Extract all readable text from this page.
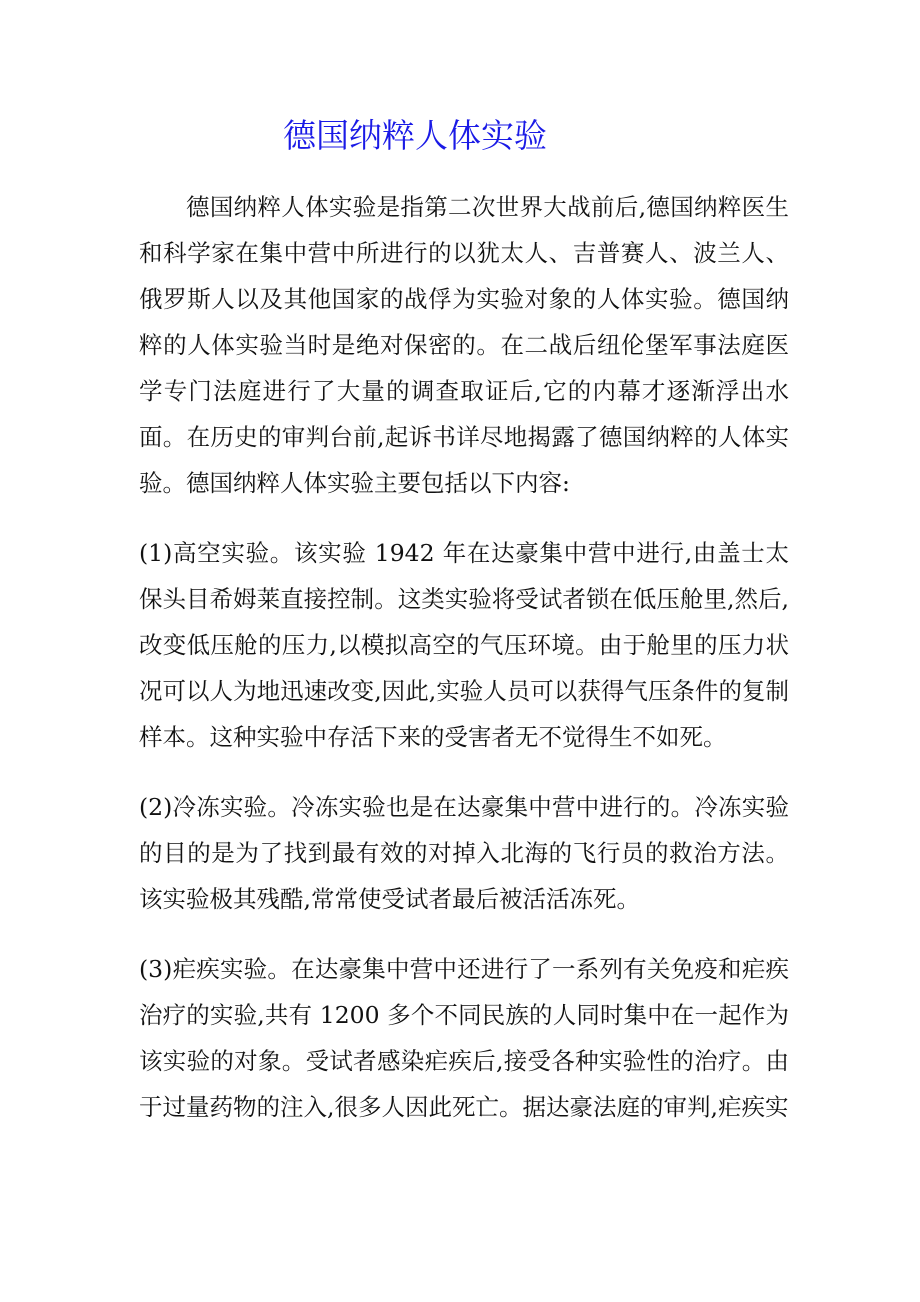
德国纳粹人体实验

德国纳粹人体实验是指第二次世界大战前后,德国纳粹医生和科学家在集中营中所进行的以犹太人、吉普赛人、波兰人、俄罗斯人以及其他国家的战俘为实验对象的人体实验。德国纳粹的人体实验当时是绝对保密的。在二战后纽伦堡军事法庭医学专门法庭进行了大量的调查取证后,它的内幕才逐渐浮出水面。在历史的审判台前,起诉书详尽地揭露了德国纳粹的人体实验。德国纳粹人体实验主要包括以下内容:

(1)高空实验。该实验 1942 年在达豪集中营中进行,由盖士太保头目希姆莱直接控制。这类实验将受试者锁在低压舱里,然后,改变低压舱的压力,以模拟高空的气压环境。由于舱里的压力状况可以人为地迅速改变,因此,实验人员可以获得气压条件的复制样本。这种实验中存活下来的受害者无不觉得生不如死。

(2)冷冻实验。冷冻实验也是在达豪集中营中进行的。冷冻实验的目的是为了找到最有效的对掉入北海的飞行员的救治方法。该实验极其残酷,常常使受试者最后被活活冻死。

(3)疟疾实验。在达豪集中营中还进行了一系列有关免疫和疟疾治疗的实验,共有 1200 多个不同民族的人同时集中在一起作为该实验的对象。受试者感染疟疾后,接受各种实验性的治疗。由于过量药物的注入,很多人因此死亡。据达豪法庭的审判,疟疾实
